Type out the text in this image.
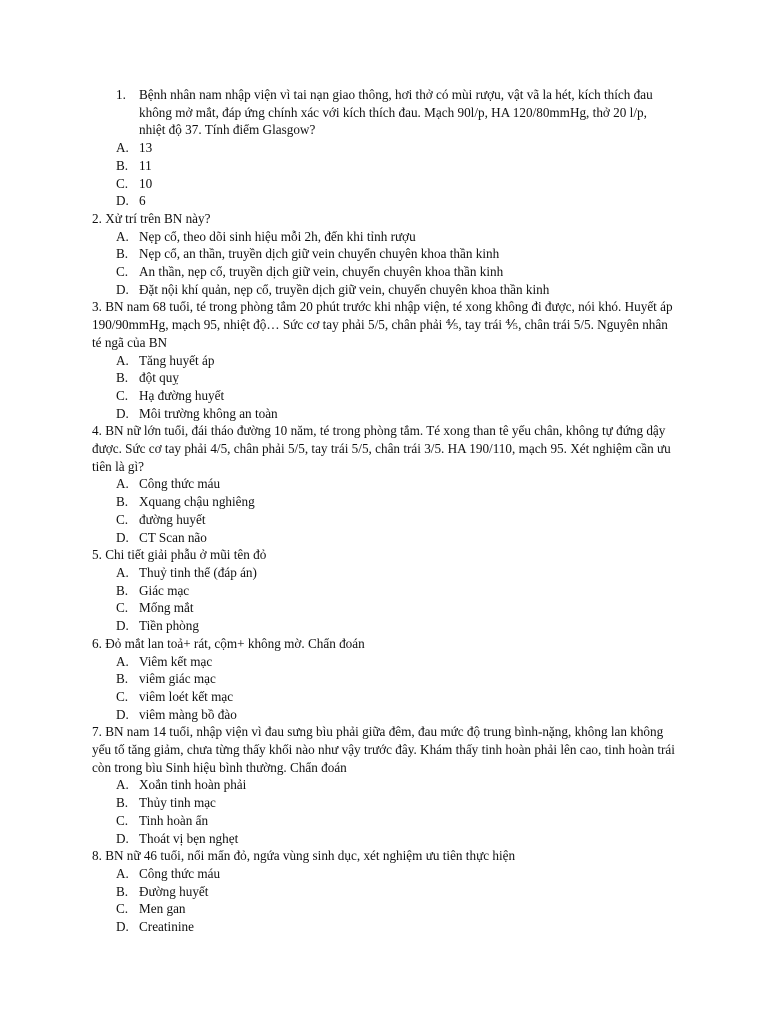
1. Bệnh nhân nam nhập viện vì tai nạn giao thông, hơi thở có mùi rượu, vật vã la hét, kích thích đau không mở mắt, đáp ứng chính xác với kích thích đau. Mạch 90l/p, HA 120/80mmHg, thở 20 l/p, nhiệt độ 37. Tính điểm Glasgow?
A. 13
B. 11
C. 10
D. 6

2. Xử trí trên BN này?

A. Nẹp cổ, theo dõi sinh hiệu mỗi 2h, đến khi tỉnh rượu
B. Nẹp cổ, an thần, truyền dịch giữ vein chuyển chuyên khoa thần kinh
C. An thần, nẹp cổ, truyền dịch giữ vein, chuyển chuyên khoa thần kinh
D. Đặt nội khí quản, nẹp cổ, truyền dịch giữ vein, chuyển chuyên khoa thần kinh

3. BN nam 68 tuổi, té trong phòng tắm 20 phút trước khi nhập viện, té xong không đi được, nói khó. Huyết áp 190/90mmHg, mạch 95, nhiệt độ… Sức cơ tay phải 5/5, chân phải ⅘, tay trái ⅘, chân trái 5/5. Nguyên nhân té ngã của BN

A. Tăng huyết áp
B. đột quỵ
C. Hạ đường huyết
D. Môi trường không an toàn

4. BN nữ lớn tuổi, đái tháo đường 10 năm, té trong phòng tắm. Té xong than tê yếu chân, không tự đứng dậy được. Sức cơ tay phải 4/5, chân phải 5/5, tay trái 5/5, chân trái 3/5. HA 190/110, mạch 95. Xét nghiệm cần ưu tiên là gì?

A. Công thức máu
B. Xquang chậu nghiêng
C. đường huyết
D. CT Scan não

5. Chi tiết giải phẫu ở mũi tên đỏ

A. Thuỷ tinh thể (đáp án)
B. Giác mạc
C. Mống mắt
D. Tiền phòng

6. Đỏ mắt lan toả+ rát, cộm+ không mờ. Chẩn đoán

A. Viêm kết mạc
B. viêm giác mạc
C. viêm loét kết mạc
D. viêm màng bồ đào

7. BN nam 14 tuổi, nhập viện vì đau sưng bìu phải giữa đêm, đau mức độ trung bình-nặng, không lan không yếu tố tăng giảm, chưa từng thấy khối nào như vậy trước đây. Khám thấy tinh hoàn phải lên cao, tinh hoàn trái còn trong bìu Sinh hiệu bình thường. Chẩn đoán

A. Xoắn tinh hoàn phải
B. Thủy tinh mạc
C. Tinh hoàn ẩn
D. Thoát vị bẹn nghẹt

8. BN nữ 46 tuổi, nổi mẩn đỏ, ngứa vùng sinh dục, xét nghiệm ưu tiên thực hiện

A. Công thức máu
B. Đường huyết
C. Men gan
D. Creatinine
